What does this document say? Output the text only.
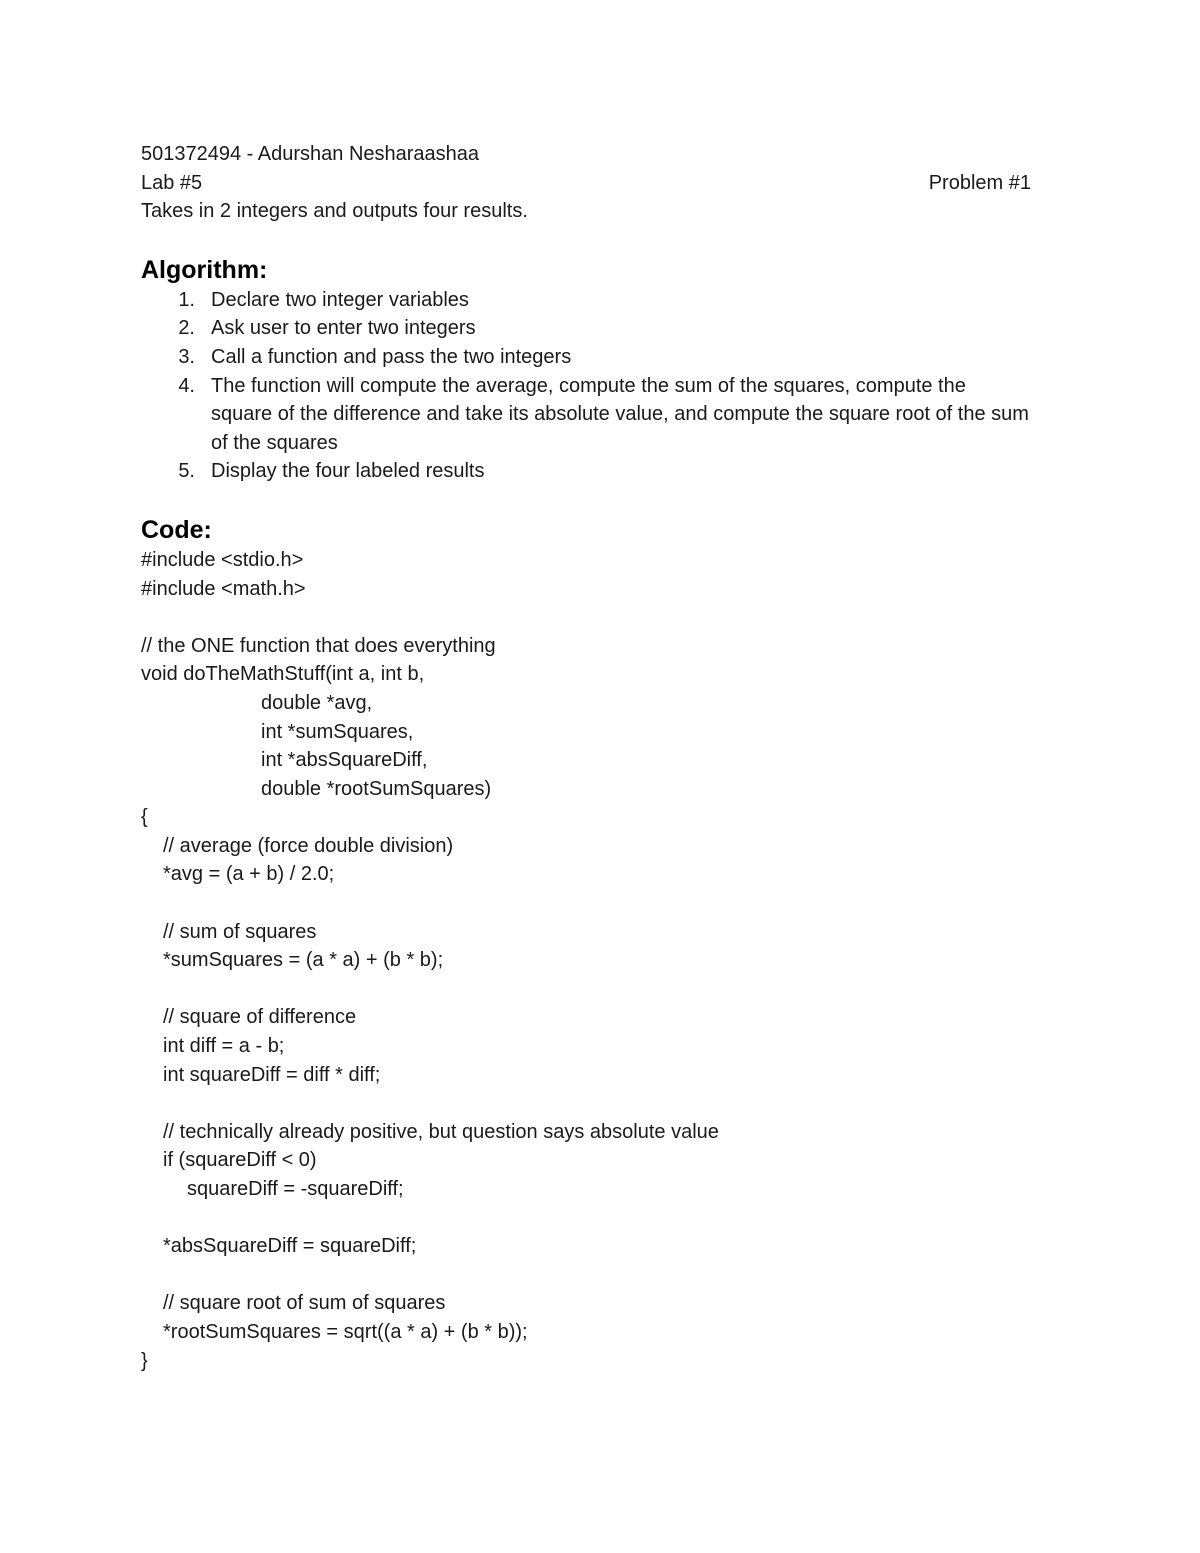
501372494 - Adurshan Nesharaashaa

Lab #5	Problem #1

Takes in 2 integers and outputs four results.

Algorithm:
1. Declare two integer variables
2. Ask user to enter two integers
3. Call a function and pass the two integers
4. The function will compute the average, compute the sum of the squares, compute the square of the difference and take its absolute value, and compute the square root of the sum of the squares
5. Display the four labeled results
Code:

#include <stdio.h>

#include <math.h>

// the ONE function that does everything

void doTheMathStuff(int a, int b,

double *avg,

int *sumSquares,

int *absSquareDiff,

double *rootSumSquares)

{

// average (force double division)

*avg = (a + b) / 2.0;

// sum of squares

*sumSquares = (a * a) + (b * b);

// square of difference

int diff = a - b;

int squareDiff = diff * diff;

// technically already positive, but question says absolute value

if (squareDiff < 0)

squareDiff = -squareDiff;

*absSquareDiff = squareDiff;

// square root of sum of squares

*rootSumSquares = sqrt((a * a) + (b * b));

}
